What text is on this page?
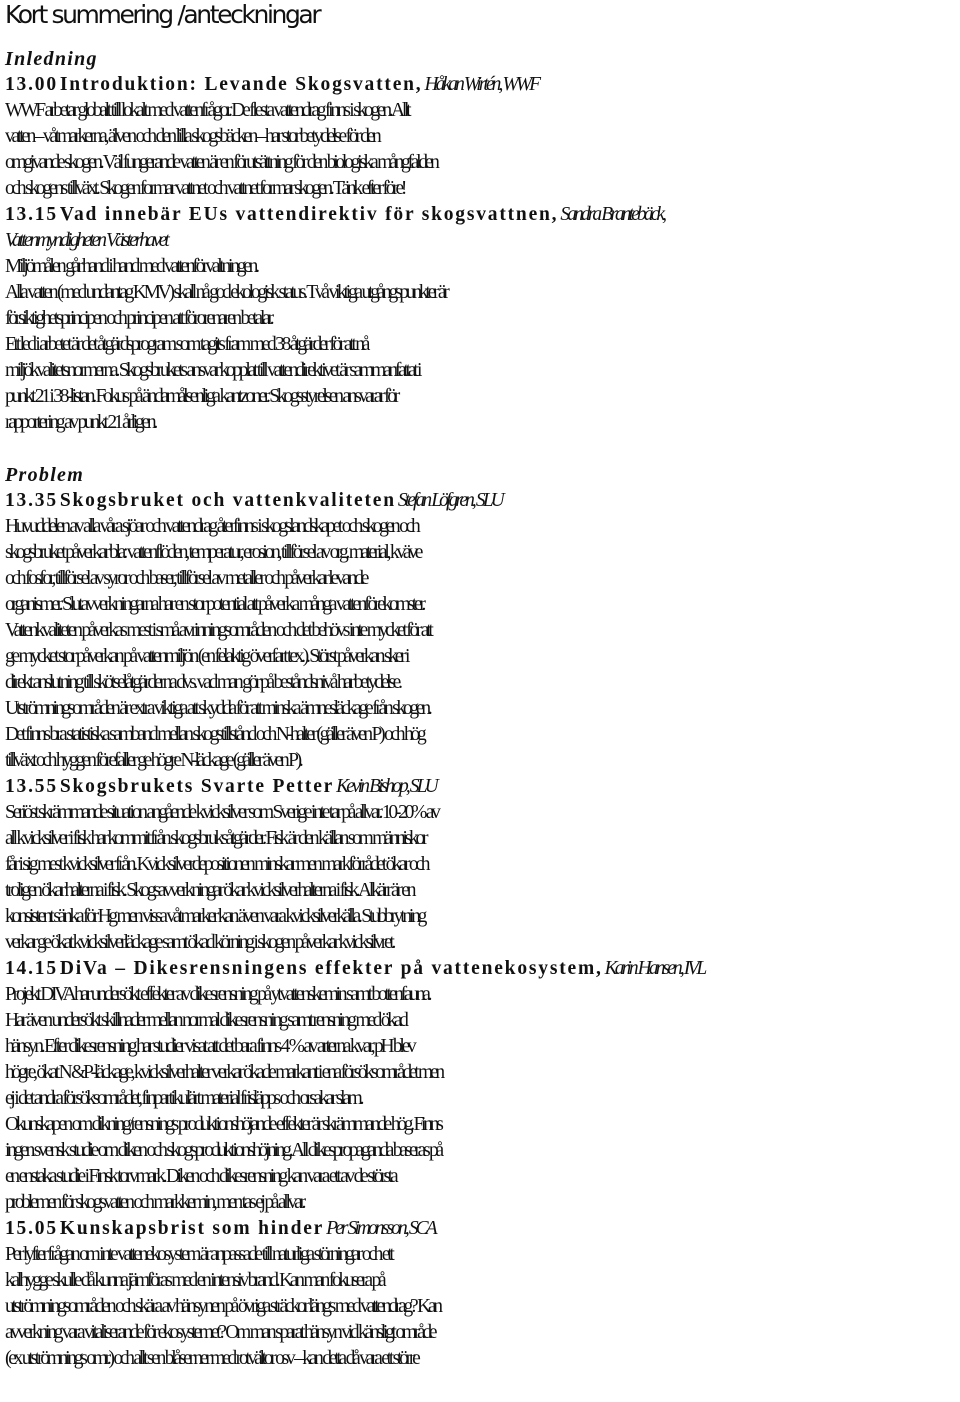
Kort summering /anteckningar
Inledning
13.00 Introduktion: Levande Skogsvatten, Håkan Wirtén, WWF
WWF arbetar globalt till lokalt med vattenfrågor. De flesta vattendrag finns i skogen. Allt
vatten – våtmarkerna, älven och den lilla skogsbäcken – har stor betydelse för den
omgivande skogen. Väl fungerande vatten är en förutsättning för den biologiska mångfalden
och skogens tillväxt. Skogen formar vattnet och vattnet formar skogen. Tänk efter före!
13.15 Vad innebär EUs vattendirektiv för skogsvattnen, Sandra Brantebäck,
Vattenmyndigheten Västerhavet
Miljömålen går hand i hand med vattenförvaltningen.
Alla vatten (med undantag KMV) skall nå god ekologisk status. Två viktiga utgångspunkter är
försiktighetsprincipen och principen att förorenaren betalar.
Ett led i arbetet är det åtgärdsprogram som tagits fram med 38 åtgärder för att nå
miljökvalitetsnormerna. Skogsbrukets ansvar kopplat till vattendirektivet är sammanfattat i
punkt 21 i 38-listan. Fokus på ändamålsenliga kantzoner. Skogsstyrelsen ansvarar för
rapportering av punkt 21 årligen.
Problem
13.35 Skogsbruket och vattenkvaliteten Stefan Löfgren, SLU
Huvuddelen av alla våra sjöar och vattendrag återfinns i skogslandskapet och skogen och
skogsbruket påverkar bla: vattenflöden, temperatur, erosion, tillförsel av org. material, kväve
och fosfor, tillförsel av syror och baser, tillförsel av metaller och påverkar levande
organismer. Slutavverkningarna har en stor potential att påverka många vattenförekomster.
Vattenkvaliteten påverkas mest i små avrinningsområden och det behövs inte mycket för att
ge mycket stor påverkan på vattenmiljön (en felaktig överfart tex.). Störst påverkan sker i
direkt anslutning till skötselåtgärderna dvs. vad man gör på beståndsnivå har betydelse.
Utströmningsområden är extra viktiga att skydda för att minska ämnesläckage från skogen.
Det finns bra statistiska samband mellan skogstillstånd och N-halter (gäller även P) och hög
tillväxt och hyggen förefaller ge högre N-läckage (gäller även P).
13.55 Skogsbrukets Svarte Petter Kevin Bishop, SLU
Seriöst skrämmande situation angående kvicksilver som Sverige inte tar på allvar. 10-20% av
all kvicksilver i fisk har kommit från skogsbruksåtgärder. Fisk är den källan som människor
får i sig mest kvicksilver från. Kvicksilverdepositionen minskar men markförrådet ökar och
troligen ökar halterna i fisk. Skogsavverkningar ökar kvicksilverhalterna i fisk. Alkärr är en
konsistent sänka för Hg men vissa våtmarker kan även vara kvicksilverkälla. Stubbrytning
verkar ge ökat kvicksilverläckage samt ökad körning i skogen påverkar kvicksilvret.
14.15 DiVa – Dikesrensningens effekter på vattenekosystem, Karin Hansen, IVL
Projekt DIVA har undersökt effekter av dikesrensning på ytvattenskemin samt bottenfauna.
Har även undersökt skillnader mellan normal dikesrensning samt rensning med ökad
hänsyn. Efter dikesrensning har studier visat att det bara finns 4 % av arterna kvar, pH blev
högre, ökat N &P-läckage, kvicksilverhalter verkar ökade markant i ena försöksområdet men
ej i det andra försöksområdet, finpartikulärt material frisläpps och orsakar slam.
Okunskapen om dikning/rensnings produktionshöjande effekter är skrämmande hög. Finns
ingen svensk studie om diken och skogsproduktionshöjning. All dikespropaganda baseras på
en enstaka studie i Finsk torvmark. Diken och dikesrensning kan vara ett av de största
problemen för skogsvatten och markkemin, men tas ej på allvar.
15.05 Kunskapsbrist som hinder Per Simonsson, SCA
Per lyfter frågan om inte vattenekosystem är anpassade till naturliga störningar och ett
kalhygge skulle då kunna jämföras med en intensiv brand. Kan man fokusera på
utströmningsområden och skära av hänsynen på övriga sträckor längs med vattendrag? Kan
avverkning vara vitaliserande för ekosystemet? Om man sparat hänsyn vid känsligt område
(ex utströmnings omr.) och allt sen blåser ner med rotvältor osv – kan detta då vara ett större
